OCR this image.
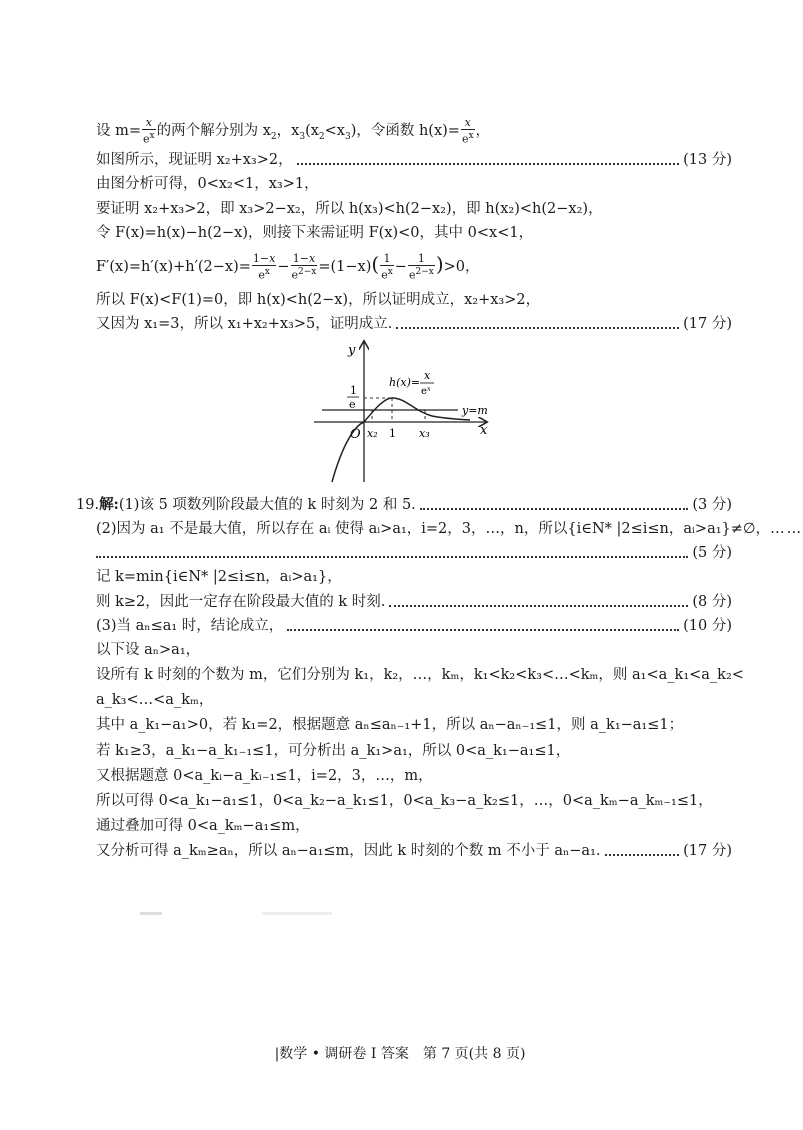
设 $m= \frac{x}{e^x}$ 的两个解分别为 $x_2$，$x_3(x_2<x_3)$，令函数 $h(x)= \frac{x}{e^x}$ ，
如图所示，现证明 x₂+x₃>2，	(13 分)
由图分析可得，0<x₂<1，x₃>1，
要证明 x₂+x₃>2，即 x₃>2−x₂，所以 h(x₃)<h(2−x₂)，即 h(x₂)<h(2−x₂)，
令 F(x)=h(x)−h(2−x)，则接下来需证明 F(x)<0，其中 0<x<1，
$F'(x)=h'(x)+h'(2-x)= \frac{1-x}{e^x} - \frac{1-x}{e^{2-x}} =(1-x)( \frac{1}{e^x} - \frac{1}{e^{2-x}} )>0$，
所以 F(x)<F(1)=0，即 h(x)<h(2−x)，所以证明成立，x₂+x₃>2，
又因为 x₁=3，所以 x₁+x₂+x₃>5，证明成立.	(17 分)
y
x
O
1
e	y=m
h(x)=
x
eˣ
x₂ 1 x₃
19. 解: (1)该 5 项数列阶段最大值的 k 时刻为 2 和 5.	(3 分)
(2)因为 a₁ 不是最大值，所以存在 aᵢ 使得 aᵢ>a₁，i=2，3，…，n，所以{i∈N* |2≤i≤n，aᵢ>a₁}≠∅，……
(5 分)
记 k=min{i∈N* |2≤i≤n，aᵢ>a₁}，
则 k≥2，因此一定存在阶段最大值的 k 时刻.	(8 分)
(3)当 aₙ≤a₁ 时，结论成立，	(10 分)
以下设 aₙ>a₁，
设所有 k 时刻的个数为 m，它们分别为 k₁，k₂，…，kₘ，k₁<k₂<k₃<…<kₘ，则 a₁<a_k₁<a_k₂<
a_k₃<…<a_kₘ，
其中 a_k₁−a₁>0，若 k₁=2，根据题意 aₙ≤aₙ₋₁+1，所以 aₙ−aₙ₋₁≤1，则 a_k₁−a₁≤1；
若 k₁≥3，a_k₁−a_k₁₋₁≤1，可分析出 a_k₁>a₁，所以 0<a_k₁−a₁≤1，
又根据题意 0<a_kᵢ−a_kᵢ₋₁≤1，i=2，3，…，m，
所以可得 0<a_k₁−a₁≤1，0<a_k₂−a_k₁≤1，0<a_k₃−a_k₂≤1，…，0<a_kₘ−a_kₘ₋₁≤1，
通过叠加可得 0<a_kₘ−a₁≤m，
又分析可得 a_kₘ≥aₙ，所以 aₙ−a₁≤m，因此 k 时刻的个数 m 不小于 aₙ−a₁.	(17 分)
|数学 • 调研卷 Ⅰ 答案　第 7 页(共 8 页)
